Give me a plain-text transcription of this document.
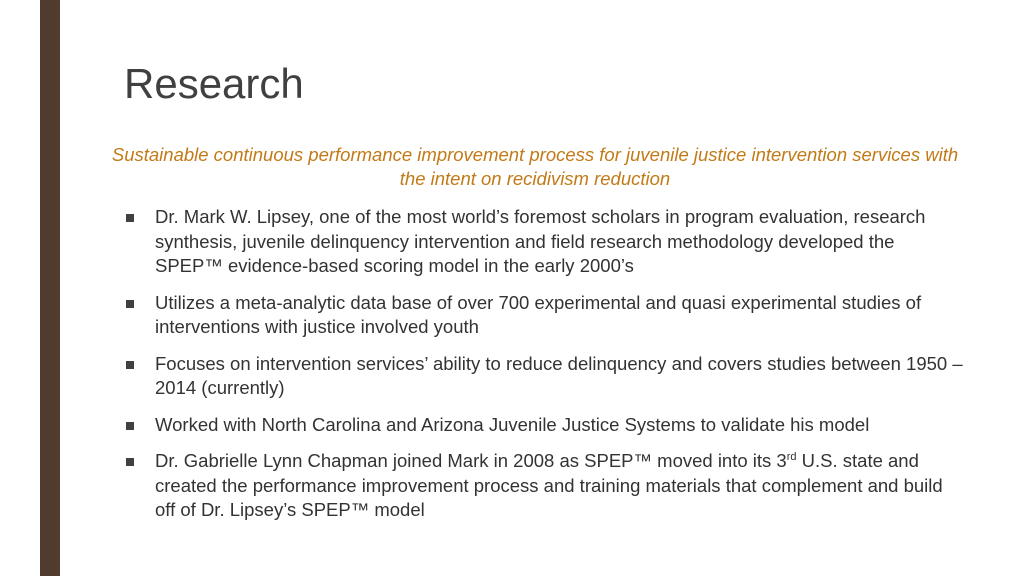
Research

Sustainable continuous performance improvement process for juvenile justice intervention services with the intent on recidivism reduction

Dr. Mark W. Lipsey, one of the most world’s foremost scholars in program evaluation, research synthesis, juvenile delinquency intervention and field research methodology developed the SPEP™ evidence-based scoring model in the early 2000’s
Utilizes a meta-analytic data base of over 700 experimental and quasi experimental studies of interventions with justice involved youth
Focuses on intervention services’ ability to reduce delinquency and covers studies between 1950 – 2014 (currently)
Worked with North Carolina and Arizona Juvenile Justice Systems to validate his model
Dr. Gabrielle Lynn Chapman joined Mark in 2008 as SPEP™ moved into its 3rd U.S. state and created the performance improvement process and training materials that complement and build off of Dr. Lipsey’s SPEP™ model
